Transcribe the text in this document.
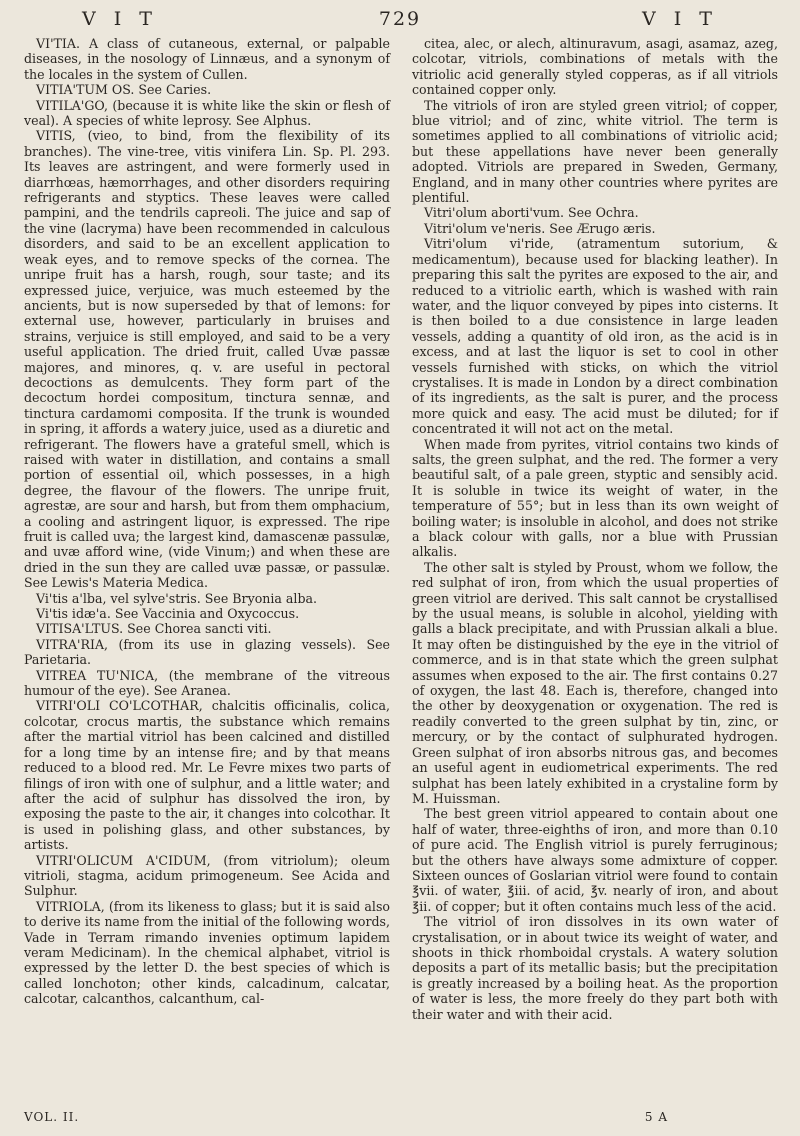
V I T	729	V I T

VI'TIA. A class of cutaneous, external, or palpable diseases, in the nosology of Linnæus, and a synonym of the locales in the system of Cullen.

VITIA'TUM OS. See Caries.

VITILA'GO, (because it is white like the skin or flesh of veal). A species of white leprosy. See Alphus.

VITIS, (vieo, to bind, from the flexibility of its branches). The vine-tree, vitis vinifera Lin. Sp. Pl. 293. Its leaves are astringent, and were formerly used in diarrhœas, hæmorrhages, and other disorders requiring refrigerants and styptics. These leaves were called pampini, and the tendrils capreoli. The juice and sap of the vine (lacryma) have been recommended in calculous disorders, and said to be an excellent application to weak eyes, and to remove specks of the cornea. The unripe fruit has a harsh, rough, sour taste; and its expressed juice, verjuice, was much esteemed by the ancients, but is now superseded by that of lemons: for external use, however, particularly in bruises and strains, verjuice is still employed, and said to be a very useful application. The dried fruit, called Uvæ passæ majores, and minores, q. v. are useful in pectoral decoctions as demulcents. They form part of the decoctum hordei compositum, tinctura sennæ, and tinctura cardamomi composita. If the trunk is wounded in spring, it affords a watery juice, used as a diuretic and refrigerant. The flowers have a grateful smell, which is raised with water in distillation, and contains a small portion of essential oil, which possesses, in a high degree, the flavour of the flowers. The unripe fruit, agrestæ, are sour and harsh, but from them omphacium, a cooling and astringent liquor, is expressed. The ripe fruit is called uva; the largest kind, damascenæ passulæ, and uvæ afford wine, (vide Vinum;) and when these are dried in the sun they are called uvæ passæ, or passulæ. See Lewis's Materia Medica.

Vi'tis a'lba, vel sylve'stris. See Bryonia alba.

Vi'tis idæ'a. See Vaccinia and Oxycoccus.

VITISA'LTUS. See Chorea sancti viti.

VITRA'RIA, (from its use in glazing vessels). See Parietaria.

VITREA TU'NICA, (the membrane of the vitreous humour of the eye). See Aranea.

VITRI'OLI CO'LCOTHAR, chalcitis officinalis, colica, colcotar, crocus martis, the substance which remains after the martial vitriol has been calcined and distilled for a long time by an intense fire; and by that means reduced to a blood red. Mr. Le Fevre mixes two parts of filings of iron with one of sulphur, and a little water; and after the acid of sulphur has dissolved the iron, by exposing the paste to the air, it changes into colcothar. It is used in polishing glass, and other substances, by artists.

VITRI'OLICUM A'CIDUM, (from vitriolum); oleum vitrioli, stagma, acidum primogeneum. See Acida and Sulphur.

VITRIOLA, (from its likeness to glass; but it is said also to derive its name from the initial of the following words, Vade in Terram rimando invenies optimum lapidem veram Medicinam). In the chemical alphabet, vitriol is expressed by the letter D. the best species of which is called lonchoton; other kinds, calcadinum, calcatar, calcotar, calcanthos, calcanthum, cal-

citea, alec, or alech, altinuravum, asagi, asamaz, azeg, colcotar, vitriols, combinations of metals with the vitriolic acid generally styled copperas, as if all vitriols contained copper only.

The vitriols of iron are styled green vitriol; of copper, blue vitriol; and of zinc, white vitriol. The term is sometimes applied to all combinations of vitriolic acid; but these appellations have never been generally adopted. Vitriols are prepared in Sweden, Germany, England, and in many other countries where pyrites are plentiful.

Vitri'olum aborti'vum. See Ochra.

Vitri'olum ve'neris. See Ærugo æris.

Vitri'olum vi'ride, (atramentum sutorium, & medicamentum), because used for blacking leather). In preparing this salt the pyrites are exposed to the air, and reduced to a vitriolic earth, which is washed with rain water, and the liquor conveyed by pipes into cisterns. It is then boiled to a due consistence in large leaden vessels, adding a quantity of old iron, as the acid is in excess, and at last the liquor is set to cool in other vessels furnished with sticks, on which the vitriol crystalises. It is made in London by a direct combination of its ingredients, as the salt is purer, and the process more quick and easy. The acid must be diluted; for if concentrated it will not act on the metal.

When made from pyrites, vitriol contains two kinds of salts, the green sulphat, and the red. The former a very beautiful salt, of a pale green, styptic and sensibly acid. It is soluble in twice its weight of water, in the temperature of 55°; but in less than its own weight of boiling water; is insoluble in alcohol, and does not strike a black colour with galls, nor a blue with Prussian alkalis.

The other salt is styled by Proust, whom we follow, the red sulphat of iron, from which the usual properties of green vitriol are derived. This salt cannot be crystallised by the usual means, is soluble in alcohol, yielding with galls a black precipitate, and with Prussian alkali a blue. It may often be distinguished by the eye in the vitriol of commerce, and is in that state which the green sulphat assumes when exposed to the air. The first contains 0.27 of oxygen, the last 48. Each is, therefore, changed into the other by deoxygenation or oxygenation. The red is readily converted to the green sulphat by tin, zinc, or mercury, or by the contact of sulphurated hydrogen. Green sulphat of iron absorbs nitrous gas, and becomes an useful agent in eudiometrical experiments. The red sulphat has been lately exhibited in a crystaline form by M. Huissman.

The best green vitriol appeared to contain about one half of water, three-eighths of iron, and more than 0.10 of pure acid. The English vitriol is purely ferruginous; but the others have always some admixture of copper. Sixteen ounces of Goslarian vitriol were found to contain ℥vii. of water, ℥iii. of acid, ℥v. nearly of iron, and about ℥ii. of copper; but it often contains much less of the acid.

The vitriol of iron dissolves in its own water of crystalisation, or in about twice its weight of water, and shoots in thick rhomboidal crystals. A watery solution deposits a part of its metallic basis; but the precipitation is greatly increased by a boiling heat. As the proportion of water is less, the more freely do they part both with their water and with their acid.

VOL. II.	5 A
